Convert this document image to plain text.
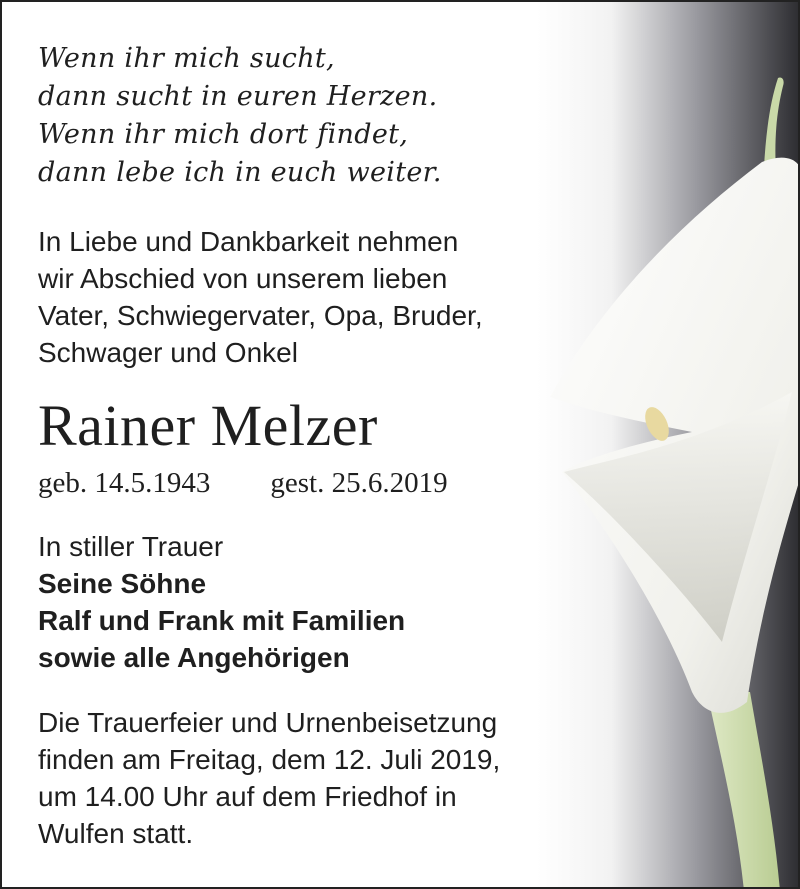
Wenn ihr mich sucht,
dann sucht in euren Herzen.
Wenn ihr mich dort findet,
dann lebe ich in euch weiter.

In Liebe und Dankbarkeit nehmen
wir Abschied von unserem lieben
Vater, Schwiegervater, Opa, Bruder,
Schwager und Onkel

Rainer Melzer
geb. 14.5.1943 gest. 25.6.2019
In stiller Trauer
Seine Söhne
Ralf und Frank mit Familien
sowie alle Angehörigen

Die Trauerfeier und Urnenbeisetzung
finden am Freitag, dem 12. Juli 2019,
um 14.00 Uhr auf dem Friedhof in
Wulfen statt.
